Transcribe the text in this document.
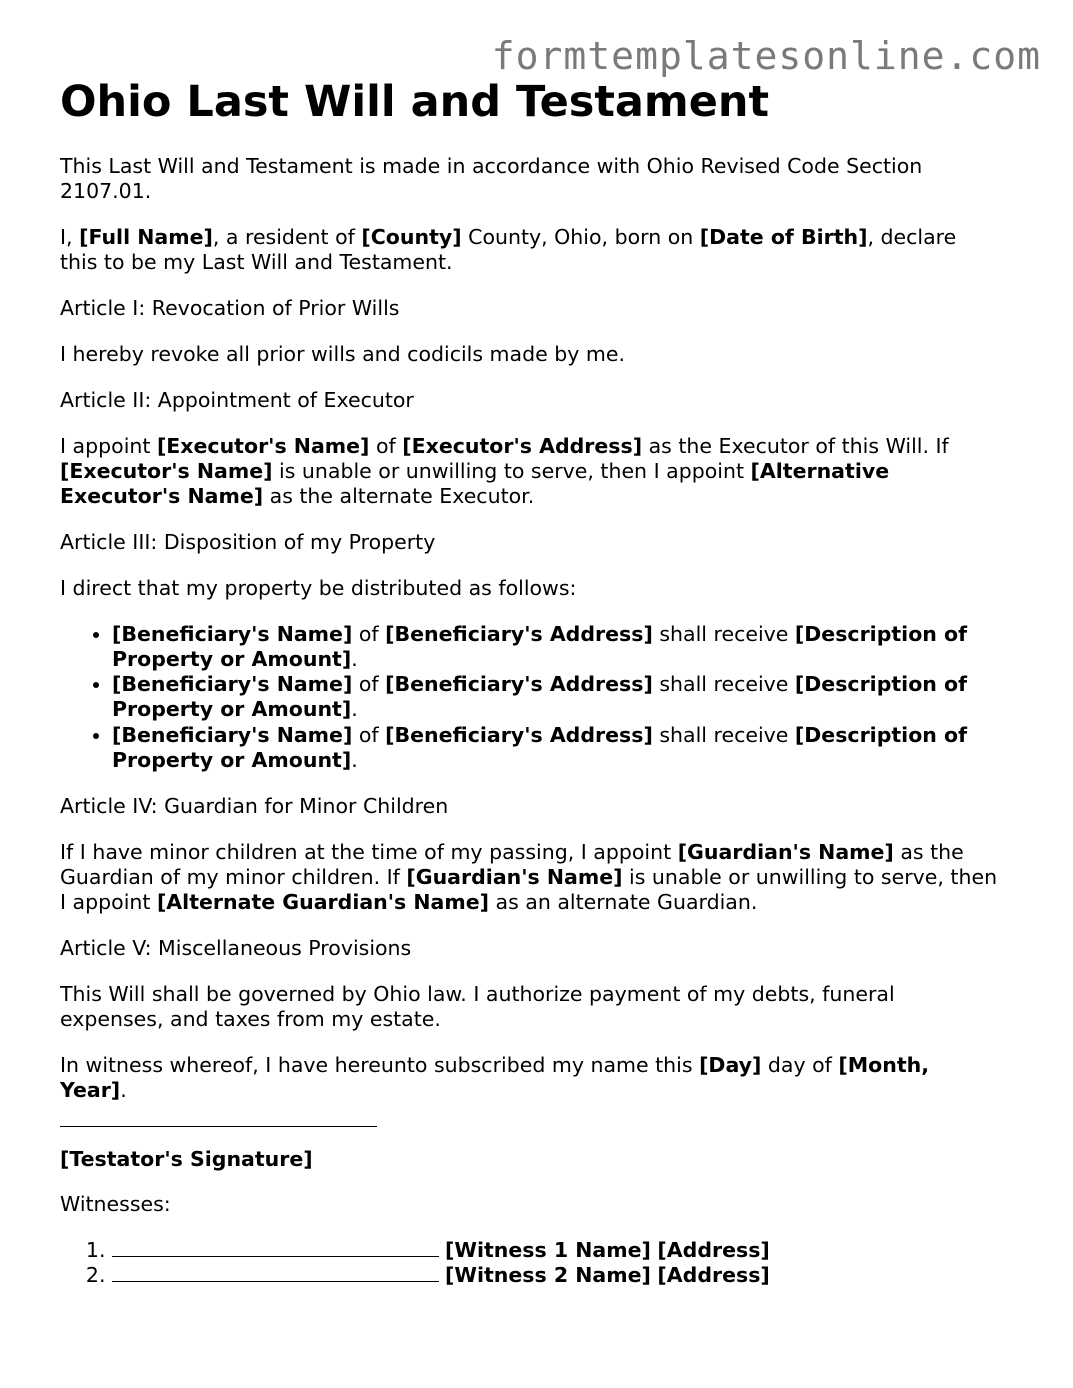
formtemplatesonline.com

Ohio Last Will and Testament

This Last Will and Testament is made in accordance with Ohio Revised Code Section 2107.01.

I, [Full Name], a resident of [County] County, Ohio, born on [Date of Birth], declare this to be my Last Will and Testament.

Article I: Revocation of Prior Wills

I hereby revoke all prior wills and codicils made by me.

Article II: Appointment of Executor

I appoint [Executor's Name] of [Executor's Address] as the Executor of this Will. If [Executor's Name] is unable or unwilling to serve, then I appoint [Alternative Executor's Name] as the alternate Executor.

Article III: Disposition of my Property

I direct that my property be distributed as follows:

• [Beneficiary's Name] of [Beneficiary's Address] shall receive [Description of Property or Amount].
• [Beneficiary's Name] of [Beneficiary's Address] shall receive [Description of Property or Amount].
• [Beneficiary's Name] of [Beneficiary's Address] shall receive [Description of Property or Amount].

Article IV: Guardian for Minor Children

If I have minor children at the time of my passing, I appoint [Guardian's Name] as the Guardian of my minor children. If [Guardian's Name] is unable or unwilling to serve, then I appoint [Alternate Guardian's Name] as an alternate Guardian.

Article V: Miscellaneous Provisions

This Will shall be governed by Ohio law. I authorize payment of my debts, funeral expenses, and taxes from my estate.

In witness whereof, I have hereunto subscribed my name this [Day] day of [Month, Year].

[Testator's Signature]

Witnesses:

1. [Witness 1 Name] [Address]
2. [Witness 2 Name] [Address]
